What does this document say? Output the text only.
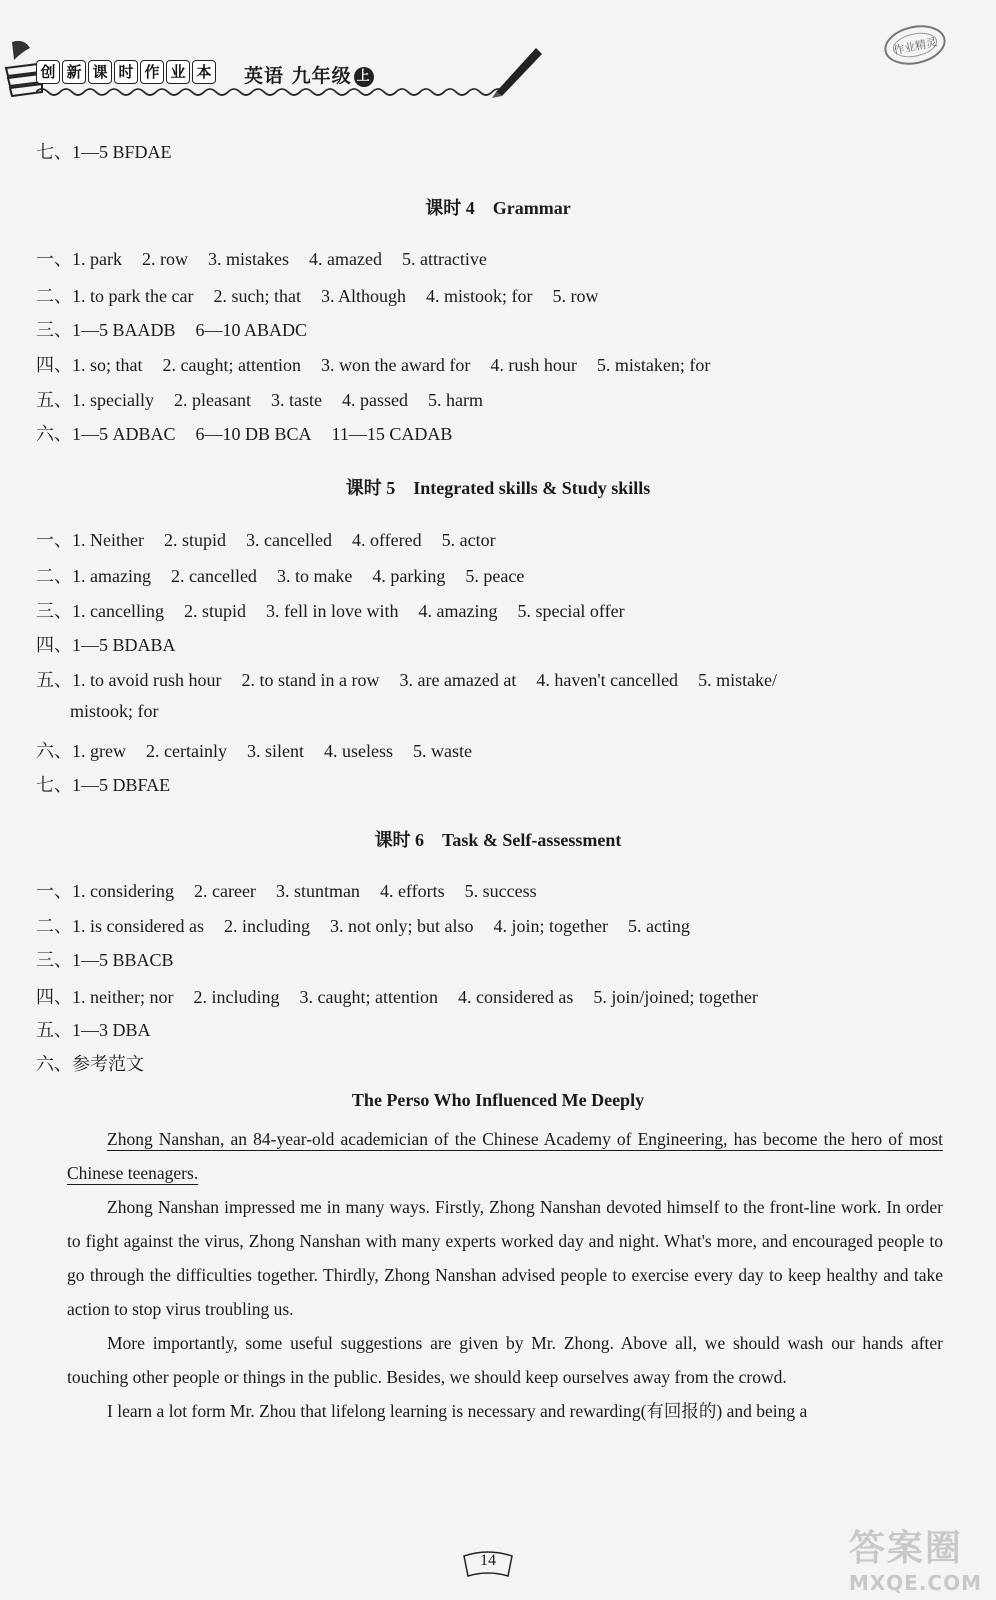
创 新 课 时 作 业 本 英语 九年级 上
作业精灵
七、1—5 BFDAE
课时 4　Grammar
一、1. park 2. row 3. mistakes 4. amazed 5. attractive
二、1. to park the car 2. such; that 3. Although 4. mistook; for 5. row
三、1—5 BAADB 6—10 ABADC
四、1. so; that 2. caught; attention 3. won the award for 4. rush hour 5. mistaken; for
五、1. specially 2. pleasant 3. taste 4. passed 5. harm
六、1—5 ADBAC 6—10 DB BCA 11—15 CADAB
课时 5　Integrated skills & Study skills
一、1. Neither 2. stupid 3. cancelled 4. offered 5. actor
二、1. amazing 2. cancelled 3. to make 4. parking 5. peace
三、1. cancelling 2. stupid 3. fell in love with 4. amazing 5. special offer
四、1—5 BDABA
五、1. to avoid rush hour 2. to stand in a row 3. are amazed at 4. haven't cancelled 5. mistake/
mistook; for
六、1. grew 2. certainly 3. silent 4. useless 5. waste
七、1—5 DBFAE
课时 6　Task & Self-assessment
一、1. considering 2. career 3. stuntman 4. efforts 5. success
二、1. is considered as 2. including 3. not only; but also 4. join; together 5. acting
三、1—5 BBACB
四、1. neither; nor 2. including 3. caught; attention 4. considered as 5. join/joined; together
五、1—3 DBA
六、参考范文
The Perso Who Influenced Me Deeply

Zhong Nanshan, an 84-year-old academician of the Chinese Academy of Engineering, has become the hero of most Chinese teenagers.

Zhong Nanshan impressed me in many ways. Firstly, Zhong Nanshan devoted himself to the front-line work. In order to fight against the virus, Zhong Nanshan with many experts worked day and night. What's more, and encouraged people to go through the difficulties together. Thirdly, Zhong Nanshan advised people to exercise every day to keep healthy and take action to stop virus troubling us.

More importantly, some useful suggestions are given by Mr. Zhong. Above all, we should wash our hands after touching other people or things in the public. Besides, we should keep ourselves away from the crowd.

I learn a lot form Mr. Zhou that lifelong learning is necessary and rewarding(有回报的) and being a

14	答案圈
MXQE.COM
